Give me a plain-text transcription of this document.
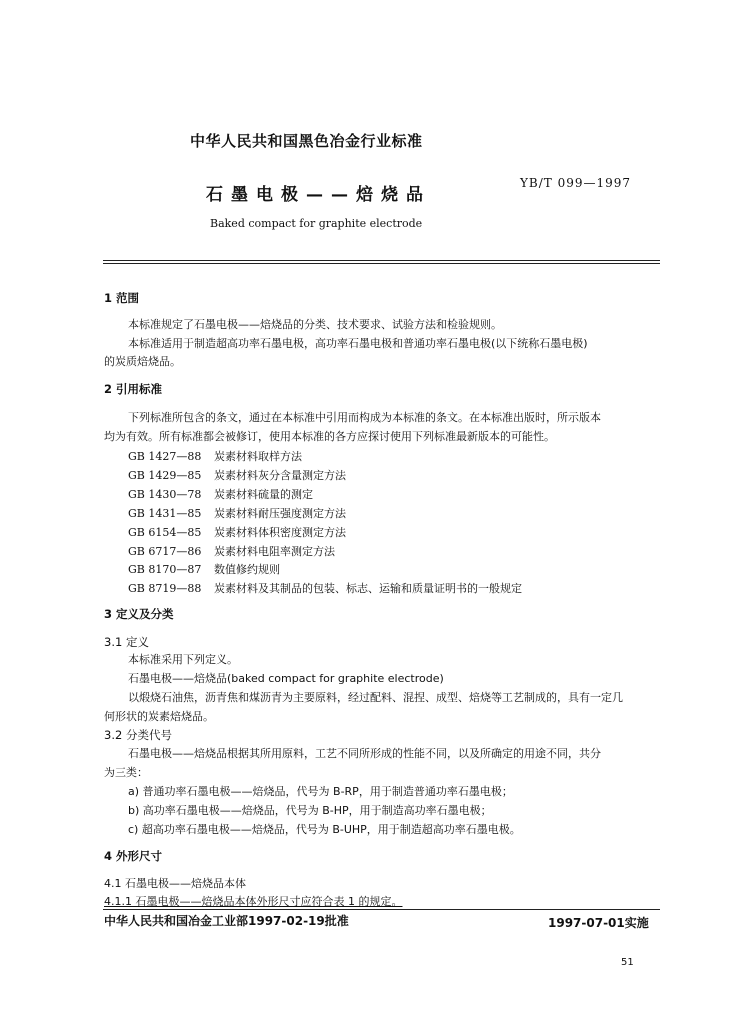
中华人民共和国黑色冶金行业标准
石墨电极——焙烧品
YB/T 099—1997
Baked compact for graphite electrode
1 范围
本标准规定了石墨电极——焙烧品的分类、技术要求、试验方法和检验规则。
本标准适用于制造超高功率石墨电极，高功率石墨电极和普通功率石墨电极(以下统称石墨电极)
的炭质焙烧品。
2 引用标准
下列标准所包含的条文，通过在本标准中引用而构成为本标准的条文。在本标准出版时，所示版本
均为有效。所有标准都会被修订，使用本标准的各方应探讨使用下列标准最新版本的可能性。
GB 1427—88 炭素材料取样方法
GB 1429—85 炭素材料灰分含量测定方法
GB 1430—78 炭素材料硫量的测定
GB 1431—85 炭素材料耐压强度测定方法
GB 6154—85 炭素材料体积密度测定方法
GB 6717—86 炭素材料电阻率测定方法
GB 8170—87 数值修约规则
GB 8719—88 炭素材料及其制品的包装、标志、运输和质量证明书的一般规定
3 定义及分类
3.1 定义
本标准采用下列定义。
石墨电极——焙烧品(baked compact for graphite electrode)
以煅烧石油焦，沥青焦和煤沥青为主要原料，经过配料、混捏、成型、焙烧等工艺制成的，具有一定几
何形状的炭素焙烧品。
3.2 分类代号
石墨电极——焙烧品根据其所用原料，工艺不同所形成的性能不同，以及所确定的用途不同，共分
为三类：
a) 普通功率石墨电极——焙烧品，代号为 B-RP，用于制造普通功率石墨电极；
b) 高功率石墨电极——焙烧品，代号为 B-HP，用于制造高功率石墨电极；
c) 超高功率石墨电极——焙烧品，代号为 B-UHP，用于制造超高功率石墨电极。
4 外形尺寸
4.1 石墨电极——焙烧品本体
4.1.1 石墨电极——焙烧品本体外形尺寸应符合表 1 的规定。
中华人民共和国冶金工业部1997-02-19批准	1997-07-01实施
51
